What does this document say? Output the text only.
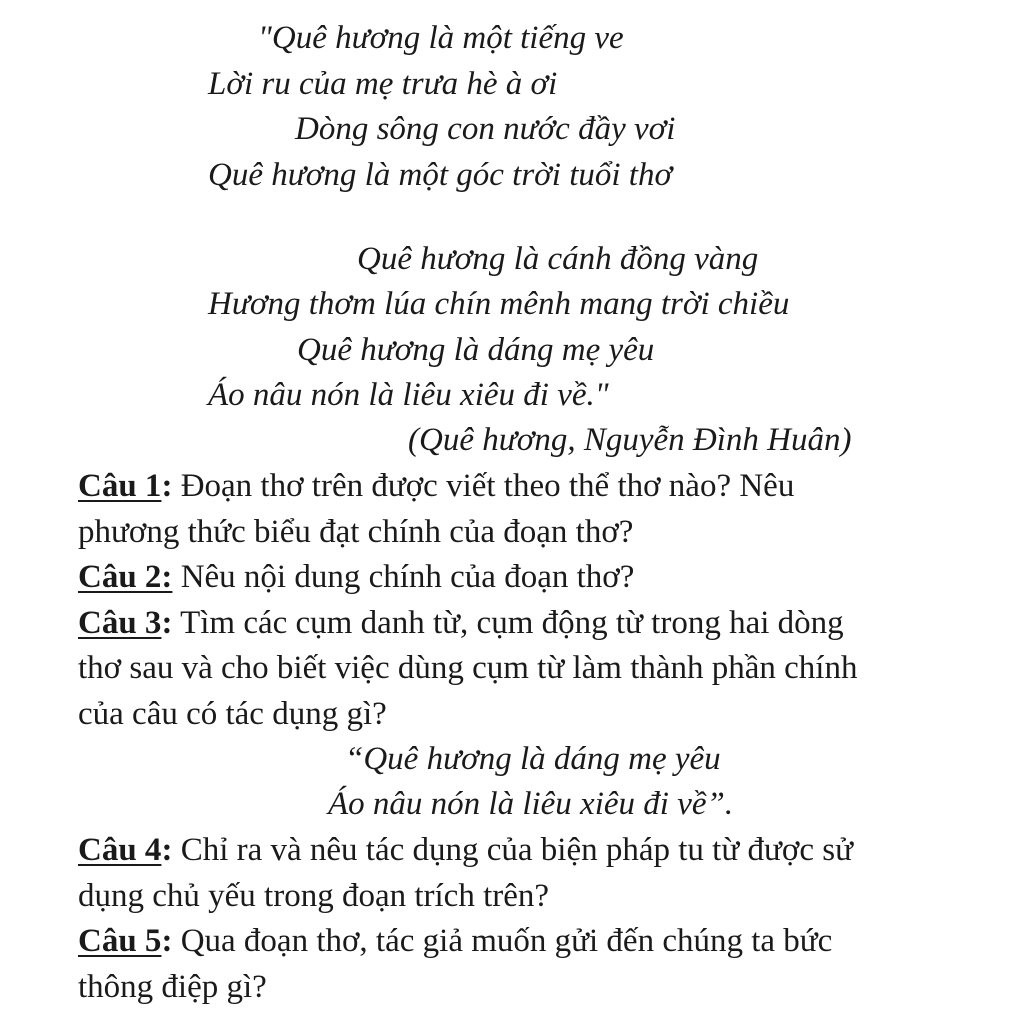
"Quê hương là một tiếng ve
Lời ru của mẹ trưa hè à ơi
Dòng sông con nước đầy vơi
Quê hương là một góc trời tuổi thơ
Quê hương là cánh đồng vàng
Hương thơm lúa chín mênh mang trời chiều
Quê hương là dáng mẹ yêu
Áo nâu nón là liêu xiêu đi về."
(Quê hương, Nguyễn Đình Huân)
Câu 1: Đoạn thơ trên được viết theo thể thơ nào? Nêu
phương thức biểu đạt chính của đoạn thơ?
Câu 2: Nêu nội dung chính của đoạn thơ?
Câu 3: Tìm các cụm danh từ, cụm động từ trong hai dòng
thơ sau và cho biết việc dùng cụm từ làm thành phần chính
của câu có tác dụng gì?
“Quê hương là dáng mẹ yêu
Áo nâu nón là liêu xiêu đi về”.
Câu 4: Chỉ ra và nêu tác dụng của biện pháp tu từ được sử
dụng chủ yếu trong đoạn trích trên?
Câu 5: Qua đoạn thơ, tác giả muốn gửi đến chúng ta bức
thông điệp gì?
